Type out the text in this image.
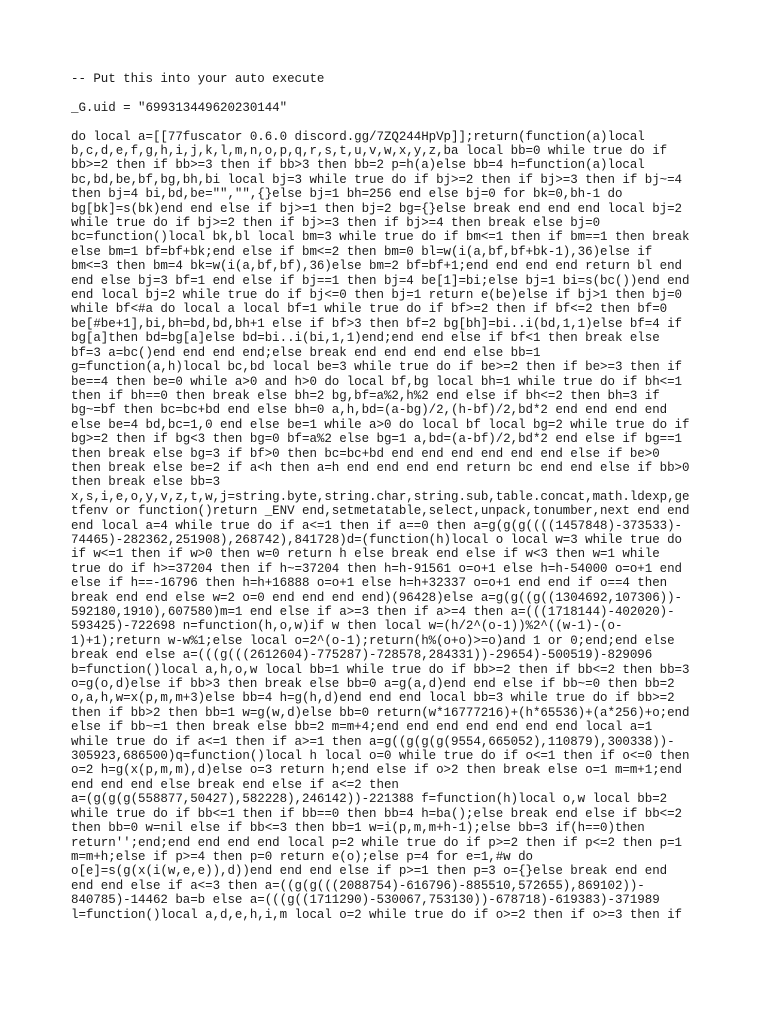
-- Put this into your auto execute
_G.uid = "699313449620230144"
do local a=[[77fuscator 0.6.0 discord.gg/7ZQ244HpVp]];return(function(a)local
b,c,d,e,f,g,h,i,j,k,l,m,n,o,p,q,r,s,t,u,v,w,x,y,z,ba local bb=0 while true do if
bb>=2 then if bb>=3 then if bb>3 then bb=2 p=h(a)else bb=4 h=function(a)local
bc,bd,be,bf,bg,bh,bi local bj=3 while true do if bj>=2 then if bj>=3 then if bj~=4
then bj=4 bi,bd,be="","",{}else bj=1 bh=256 end else bj=0 for bk=0,bh-1 do
bg[bk]=s(bk)end end else if bj>=1 then bj=2 bg={}else break end end end local bj=2
while true do if bj>=2 then if bj>=3 then if bj>=4 then break else bj=0
bc=function()local bk,bl local bm=3 while true do if bm<=1 then if bm==1 then break
else bm=1 bf=bf+bk;end else if bm<=2 then bm=0 bl=w(i(a,bf,bf+bk-1),36)else if
bm<=3 then bm=4 bk=w(i(a,bf,bf),36)else bm=2 bf=bf+1;end end end end return bl end
end else bj=3 bf=1 end else if bj==1 then bj=4 be[1]=bi;else bj=1 bi=s(bc())end end
end local bj=2 while true do if bj<=0 then bj=1 return e(be)else if bj>1 then bj=0
while bf<#a do local a local bf=1 while true do if bf>=2 then if bf<=2 then bf=0
be[#be+1],bi,bh=bd,bd,bh+1 else if bf>3 then bf=2 bg[bh]=bi..i(bd,1,1)else bf=4 if
bg[a]then bd=bg[a]else bd=bi..i(bi,1,1)end;end end else if bf<1 then break else
bf=3 a=bc()end end end end;else break end end end end else bb=1
g=function(a,h)local bc,bd local be=3 while true do if be>=2 then if be>=3 then if
be==4 then be=0 while a>0 and h>0 do local bf,bg local bh=1 while true do if bh<=1
then if bh==0 then break else bh=2 bg,bf=a%2,h%2 end else if bh<=2 then bh=3 if
bg~=bf then bc=bc+bd end else bh=0 a,h,bd=(a-bg)/2,(h-bf)/2,bd*2 end end end end
else be=4 bd,bc=1,0 end else be=1 while a>0 do local bf local bg=2 while true do if
bg>=2 then if bg<3 then bg=0 bf=a%2 else bg=1 a,bd=(a-bf)/2,bd*2 end else if bg==1
then break else bg=3 if bf>0 then bc=bc+bd end end end end end end else if be>0
then break else be=2 if a<h then a=h end end end end return bc end end else if bb>0
then break else bb=3
x,s,i,e,o,y,v,z,t,w,j=string.byte,string.char,string.sub,table.concat,math.ldexp,ge
tfenv or function()return _ENV end,setmetatable,select,unpack,tonumber,next end end
end local a=4 while true do if a<=1 then if a==0 then a=g(g(g((((1457848)-373533)-
74465)-282362,251908),268742),841728)d=(function(h)local o local w=3 while true do
if w<=1 then if w>0 then w=0 return h else break end else if w<3 then w=1 while
true do if h>=37204 then if h~=37204 then h=h-91561 o=o+1 else h=h-54000 o=o+1 end
else if h==-16796 then h=h+16888 o=o+1 else h=h+32337 o=o+1 end end if o==4 then
break end end else w=2 o=0 end end end end)(96428)else a=g(g((g((1304692,107306))-
592180,1910),607580)m=1 end else if a>=3 then if a>=4 then a=(((1718144)-402020)-
593425)-722698 n=function(h,o,w)if w then local w=(h/2^(o-1))%2^((w-1)-(o-
1)+1);return w-w%1;else local o=2^(o-1);return(h%(o+o)>=o)and 1 or 0;end;end else
break end else a=(((g(((2612604)-775287)-728578,284331))-29654)-500519)-829096
b=function()local a,h,o,w local bb=1 while true do if bb>=2 then if bb<=2 then bb=3
o=g(o,d)else if bb>3 then break else bb=0 a=g(a,d)end end else if bb~=0 then bb=2
o,a,h,w=x(p,m,m+3)else bb=4 h=g(h,d)end end end local bb=3 while true do if bb>=2
then if bb>2 then bb=1 w=g(w,d)else bb=0 return(w*16777216)+(h*65536)+(a*256)+o;end
else if bb~=1 then break else bb=2 m=m+4;end end end end end end end local a=1
while true do if a<=1 then if a>=1 then a=g((g(g(g(9554,665052),110879),300338))-
305923,686500)q=function()local h local o=0 while true do if o<=1 then if o<=0 then
o=2 h=g(x(p,m,m),d)else o=3 return h;end else if o>2 then break else o=1 m=m+1;end
end end end else break end else if a<=2 then
a=(g(g(g(558877,50427),582228),246142))-221388 f=function(h)local o,w local bb=2
while true do if bb<=1 then if bb==0 then bb=4 h=ba();else break end else if bb<=2
then bb=0 w=nil else if bb<=3 then bb=1 w=i(p,m,m+h-1);else bb=3 if(h==0)then
return'';end;end end end end local p=2 while true do if p>=2 then if p<=2 then p=1
m=m+h;else if p>=4 then p=0 return e(o);else p=4 for e=1,#w do
o[e]=s(g(x(i(w,e,e)),d))end end end else if p>=1 then p=3 o={}else break end end
end end else if a<=3 then a=((g(g(((2088754)-616796)-885510,572655),869102))-
840785)-14462 ba=b else a=(((g((1711290)-530067,753130))-678718)-619383)-371989
l=function()local a,d,e,h,i,m local o=2 while true do if o>=2 then if o>=3 then if
